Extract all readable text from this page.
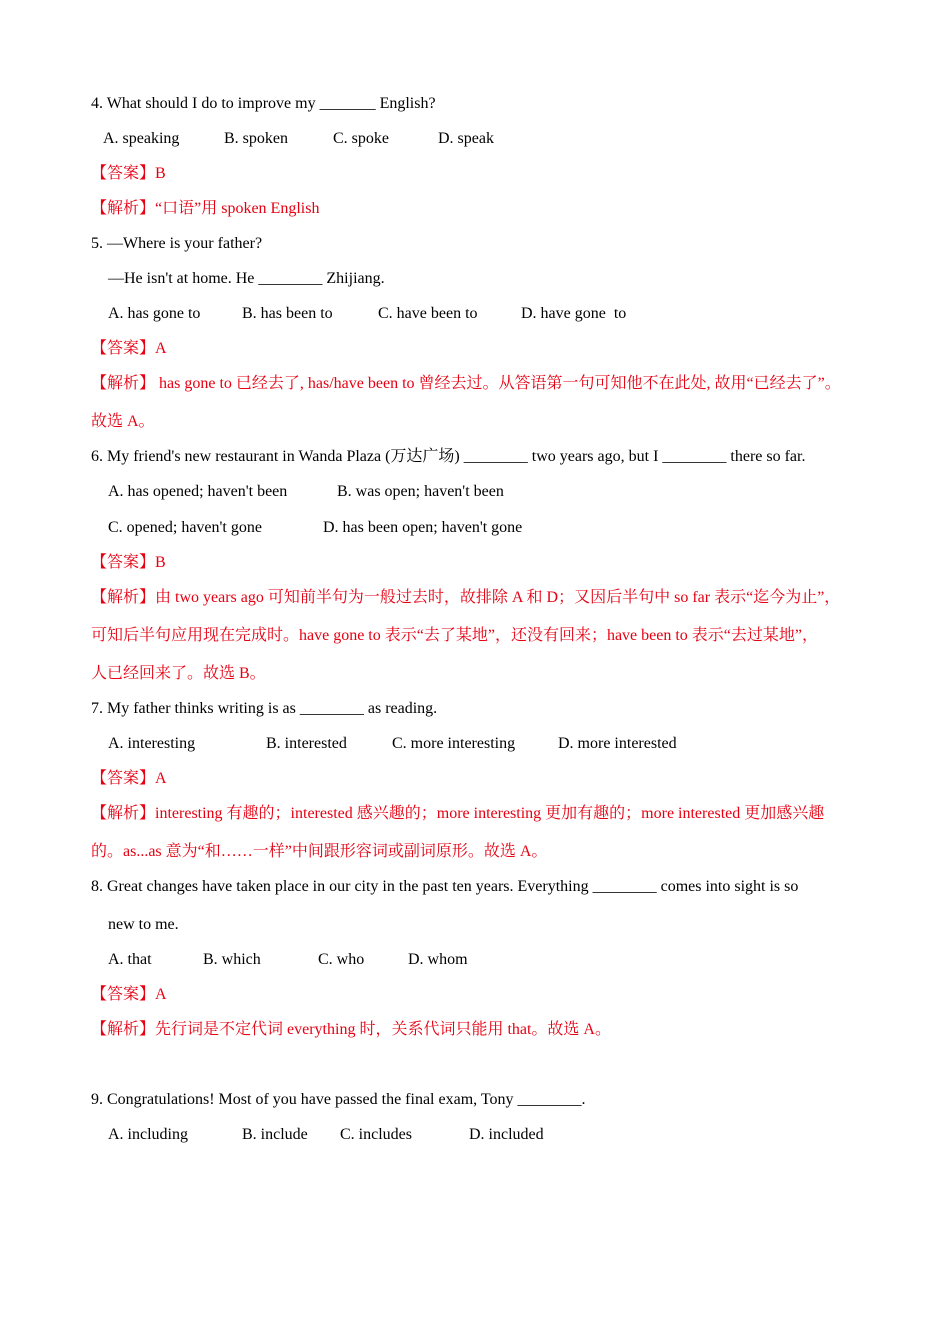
4. What should I do to improve my _______ English?
A. speaking	B. spoken	C. spoke	D. speak
【答案】B
【解析】“口语”用 spoken English
5. —Where is your father?
—He isn't at home. He ________ Zhijiang.
A. has gone to	B. has been to	C. have been to	D. have gone  to
【答案】A
【解析】 has gone to 已经去了, has/have been to 曾经去过。从答语第一句可知他不在此处, 故用“已经去了”。
故选 A。
6. My friend's new restaurant in Wanda Plaza (万达广场) ________ two years ago, but I ________ there so far.
A. has opened; haven't been	B. was open; haven't been
C. opened; haven't gone	D. has been open; haven't gone
【答案】B
【解析】由 two years ago 可知前半句为一般过去时，故排除 A 和 D；又因后半句中 so far 表示“迄今为止”，
可知后半句应用现在完成时。have gone to 表示“去了某地”，还没有回来；have been to 表示“去过某地”，
人已经回来了。故选 B。
7. My father thinks writing is as ________ as reading.
A. interesting	B. interested	C. more interesting	D. more interested
【答案】A
【解析】interesting 有趣的；interested 感兴趣的；more interesting 更加有趣的；more interested 更加感兴趣
的。as...as 意为“和……一样”中间跟形容词或副词原形。故选 A。
8. Great changes have taken place in our city in the past ten years. Everything ________ comes into sight is so
new to me.
A. that	B. which	C. who	D. whom
【答案】A
【解析】先行词是不定代词 everything 时，关系代词只能用 that。故选 A。
9. Congratulations! Most of you have passed the final exam, Tony ________.
A. including	B. include C. includes	D. included
